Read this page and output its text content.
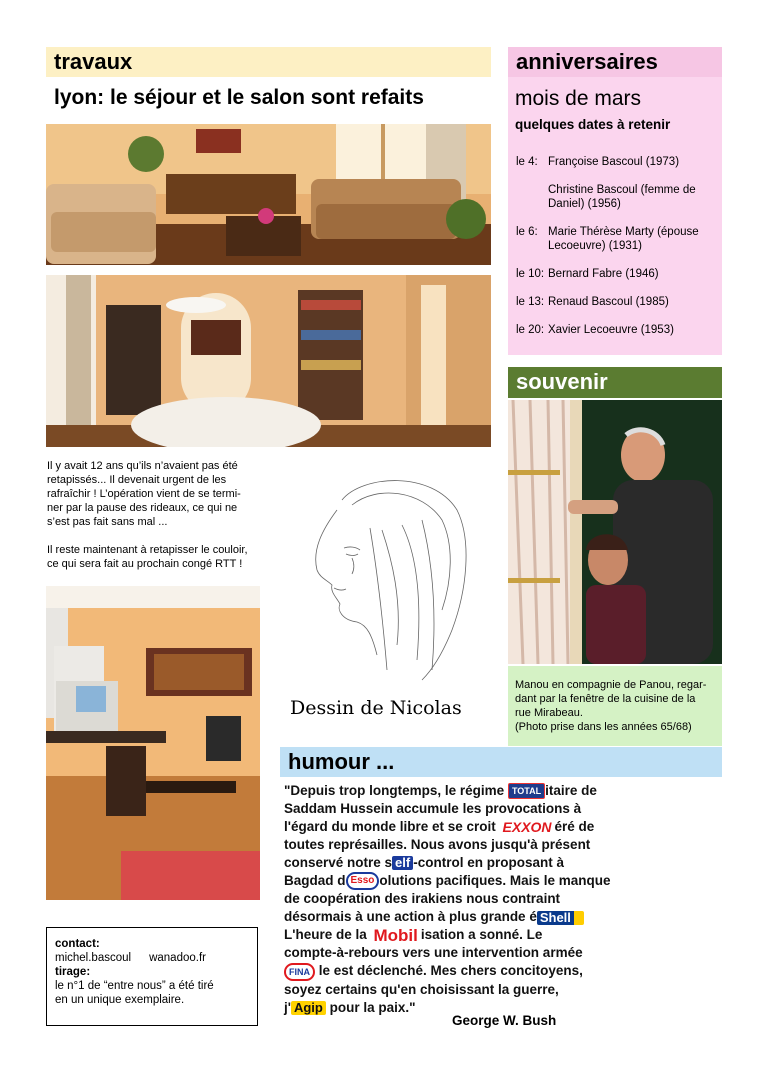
travaux
lyon: le séjour et le salon sont refaits
Il y avait 12 ans qu’ils n’avaient pas été
retapissés... Il devenait urgent de les
rafraîchir ! L’opération vient de se termi-
ner par la pause des rideaux, ce qui ne
s’est pas fait sans mal ...
Il reste maintenant à retapisser le couloir,
ce qui sera fait au prochain congé RTT !
Dessin de Nicolas
contact:
michel.bascoul wanadoo.fr
tirage:
le n°1 de “entre nous” a été tiré
en un unique exemplaire.
anniversaires
mois de mars
quelques dates à retenir
le 4: Françoise Bascoul (1973)
Christine Bascoul (femme de
Daniel) (1956)
le 6: Marie Thérèse Marty (épouse
Lecoeuvre) (1931)
le 10: Bernard Fabre (1946)
le 13: Renaud Bascoul (1985)
le 20: Xavier Lecoeuvre (1953)
souvenir
Manou en compagnie de Panou, regar-
dant par la fenêtre de la cuisine de la
rue Mirabeau.
(Photo prise dans les années 65/68)
humour ...
"Depuis trop longtemps, le régime TOTAL itaire de
Saddam Hussein accumule les provocations à
l'égard du monde libre et se croit EXXON éré de
toutes représailles. Nous avons jusqu'à présent
conservé notre s elf -control en proposant à
Bagdad d Esso olutions pacifiques. Mais le manque
de coopération des irakiens nous contraint
désormais à une action à plus grande é Shell
L'heure de la Mobil isation a sonné. Le
compte-à-rebours vers une intervention armée
FINA le est déclenché. Mes chers concitoyens,
soyez certains qu'en choisissant la guerre,
j' Agip pour la paix."
George W. Bush
